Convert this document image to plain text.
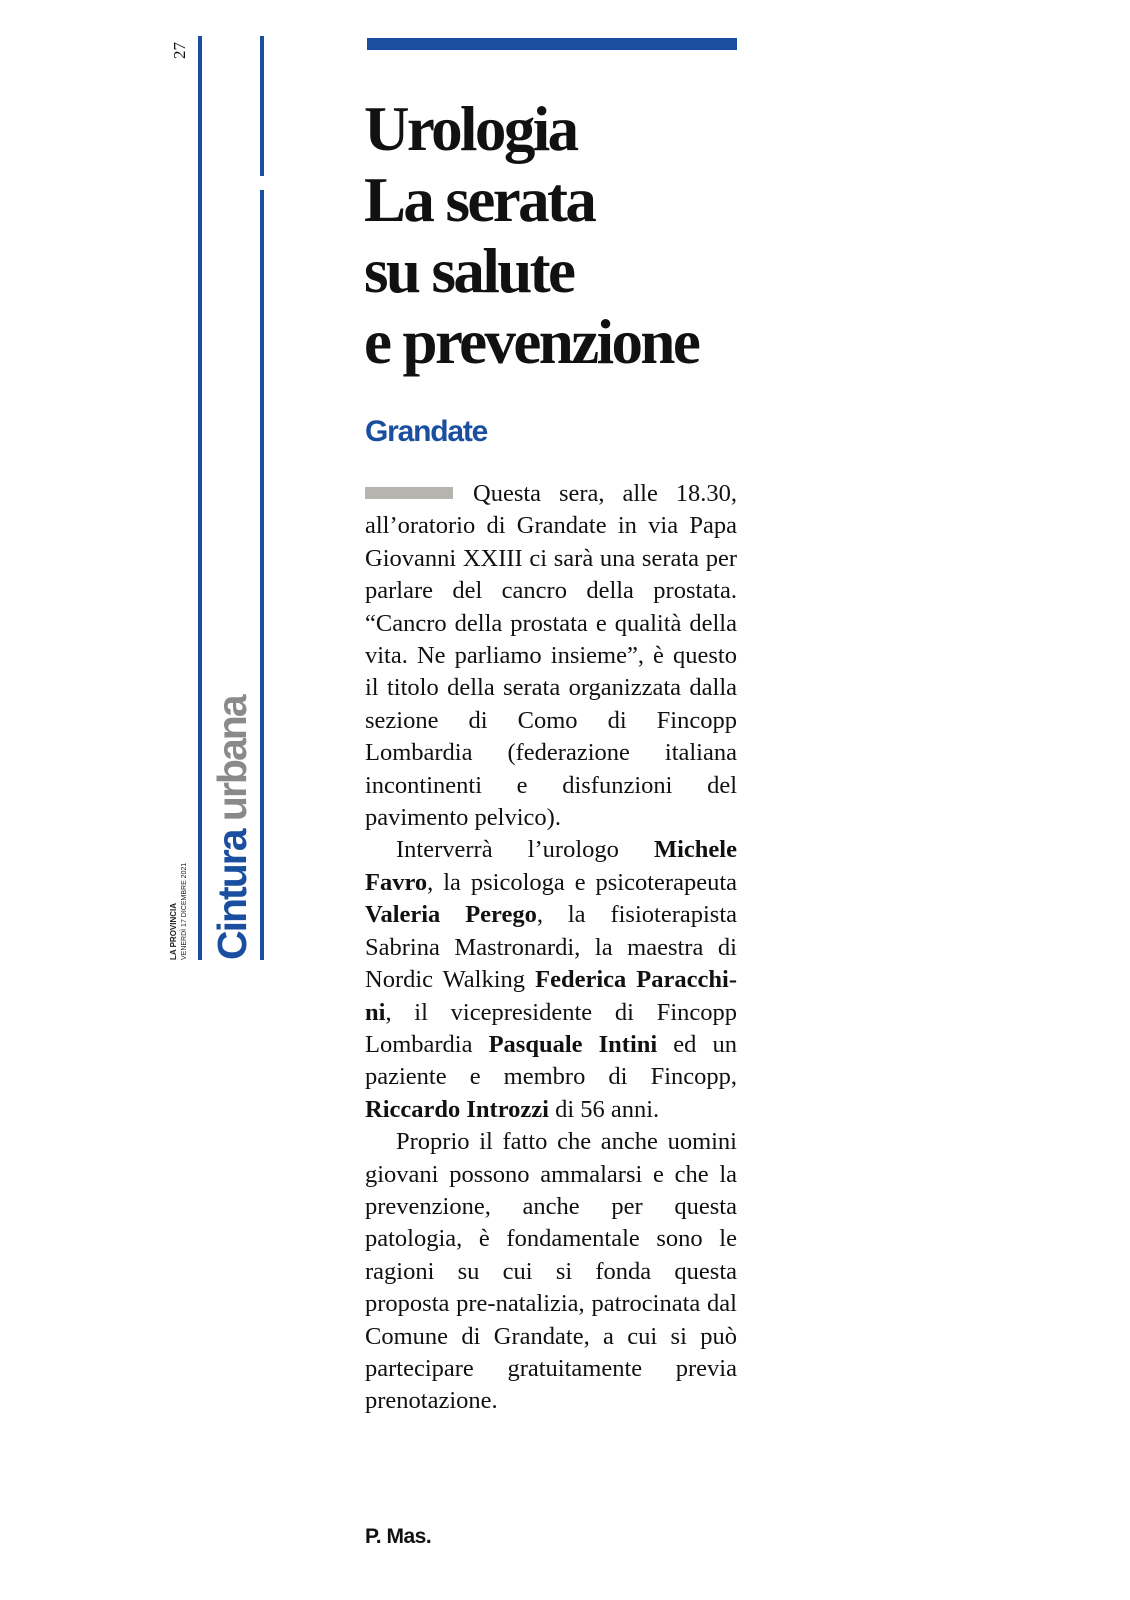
27
LA PROVINCIA VENERDÌ 17 DICEMBRE 2021 Cintura urbana
Urologia
La serata
su salute
e prevenzione
Grandate

Questa sera, alle 18.30, all’oratorio di Grandate in via Papa Giovanni XXIII ci sarà una serata per parlare del cancro della prostata. “Cancro della prostata e qualità della vita. Ne parliamo insieme”, è questo il titolo della serata organizzata dalla sezione di Como di Fincopp Lombardia (federazione italiana incontinenti e disfunzioni del pavimento pelvico).

Interverrà l’urologo Michele Favro, la psicologa e psicoterapeuta Valeria Perego, la fisioterapista Sabrina Mastronardi, la maestra di Nordic Walking Federica Paracchini, il vicepresidente di Fincopp Lombardia Pasquale Intini ed un paziente e membro di Fincopp, Riccardo Introzzi di 56 anni.

Proprio il fatto che anche uomini giovani possono ammalarsi e che la prevenzione, anche per questa patologia, è fondamentale sono le ragioni su cui si fonda questa proposta pre-natalizia, patrocinata dal Comune di Grandate, a cui si può partecipare gratuitamente previa prenotazione.

P. Mas.
